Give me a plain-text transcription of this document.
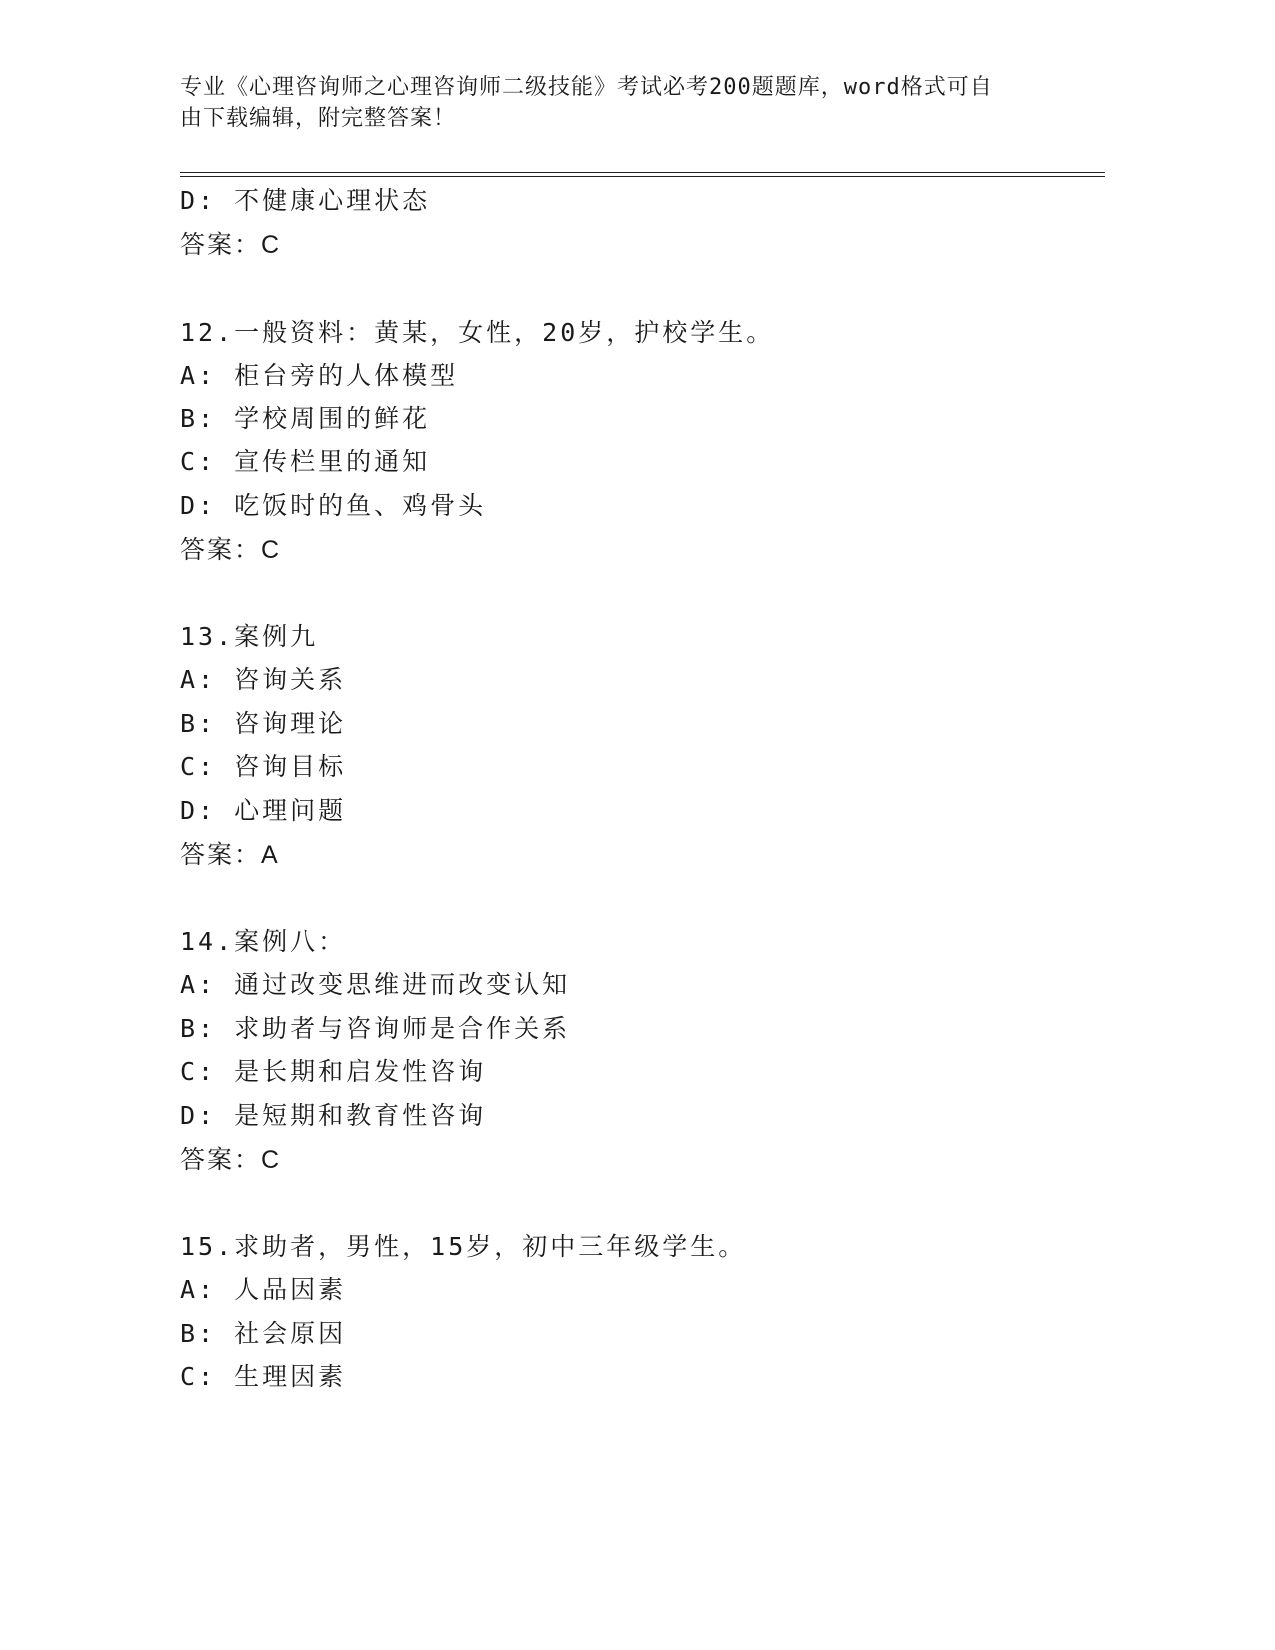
专业《心理咨询师之心理咨询师二级技能》考试必考200题题库，word格式可自
由下载编辑，附完整答案！
D: 不健康心理状态
答案：C
12.一般资料：黄某，女性，20岁，护校学生。
A: 柜台旁的人体模型
B: 学校周围的鲜花
C: 宣传栏里的通知
D: 吃饭时的鱼、鸡骨头
答案：C
13.案例九
A: 咨询关系
B: 咨询理论
C: 咨询目标
D: 心理问题
答案：A
14.案例八：
A: 通过改变思维进而改变认知
B: 求助者与咨询师是合作关系
C: 是长期和启发性咨询
D: 是短期和教育性咨询
答案：C
15.求助者，男性，15岁，初中三年级学生。
A: 人品因素
B: 社会原因
C: 生理因素
